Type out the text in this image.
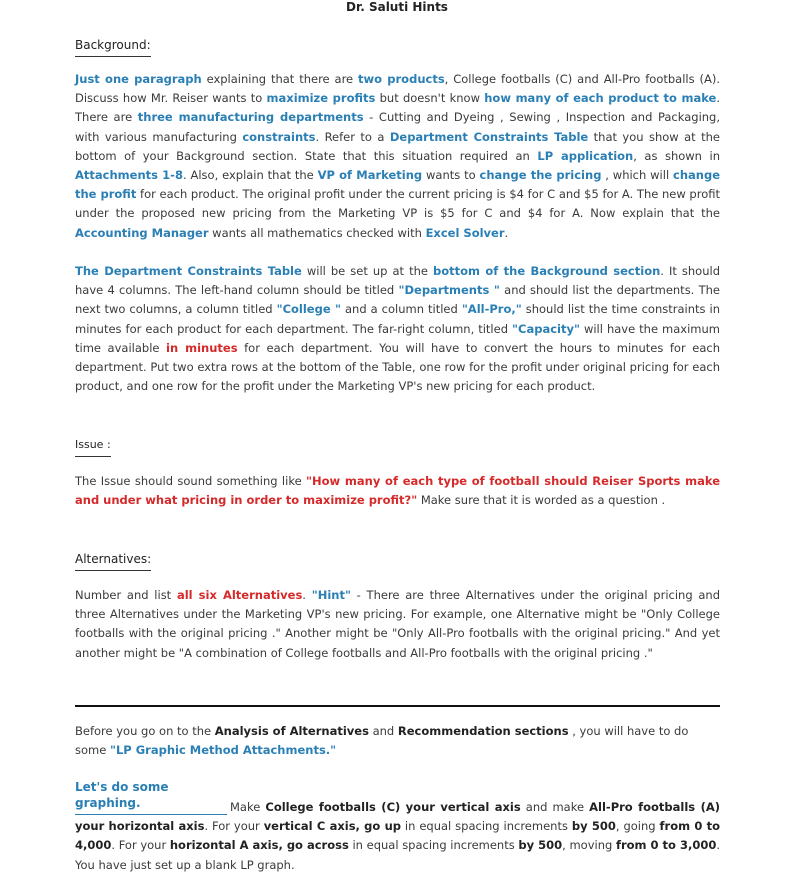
Dr. Saluti Hints
Background:

Just one paragraph explaining that there are two products, College footballs (C) and All-Pro footballs (A). Discuss how Mr. Reiser wants to maximize profits but doesn't know how many of each product to make. There are three manufacturing departments - Cutting and Dyeing , Sewing , Inspection and Packaging, with various manufacturing constraints. Refer to a Department Constraints Table that you show at the bottom of your Background section. State that this situation required an LP application, as shown in Attachments 1-8. Also, explain that the VP of Marketing wants to change the pricing , which will change the profit for each product. The original profit under the current pricing is $4 for C and $5 for A. The new profit under the proposed new pricing from the Marketing VP is $5 for C and $4 for A. Now explain that the Accounting Manager wants all mathematics checked with Excel Solver.

The Department Constraints Table will be set up at the bottom of the Background section. It should have 4 columns. The left-hand column should be titled "Departments " and should list the departments. The next two columns, a column titled "College " and a column titled "All-Pro," should list the time constraints in minutes for each product for each department. The far-right column, titled "Capacity" will have the maximum time available in minutes for each department. You will have to convert the hours to minutes for each department. Put two extra rows at the bottom of the Table, one row for the profit under original pricing for each product, and one row for the profit under the Marketing VP's new pricing for each product.

Issue :

The Issue should sound something like "How many of each type of football should Reiser Sports make and under what pricing in order to maximize profit?" Make sure that it is worded as a question .

Alternatives:

Number and list all six Alternatives. "Hint" - There are three Alternatives under the original pricing and three Alternatives under the Marketing VP's new pricing. For example, one Alternative might be "Only College footballs with the original pricing ." Another might be "Only All-Pro footballs with the original pricing." And yet another might be "A combination of College footballs and All-Pro footballs with the original pricing ."

Before you go on to the Analysis of Alternatives and Recommendation sections , you will have to do some "LP Graphic Method Attachments."

Let's do some graphing.	Make College footballs (C) your vertical axis and make All-Pro footballs (A) your horizontal axis. For your vertical C axis, go up in equal spacing increments by 500, going from 0 to 4,000. For your horizontal A axis, go across in equal spacing increments by 500, moving from 0 to 3,000. You have just set up a blank LP graph.
